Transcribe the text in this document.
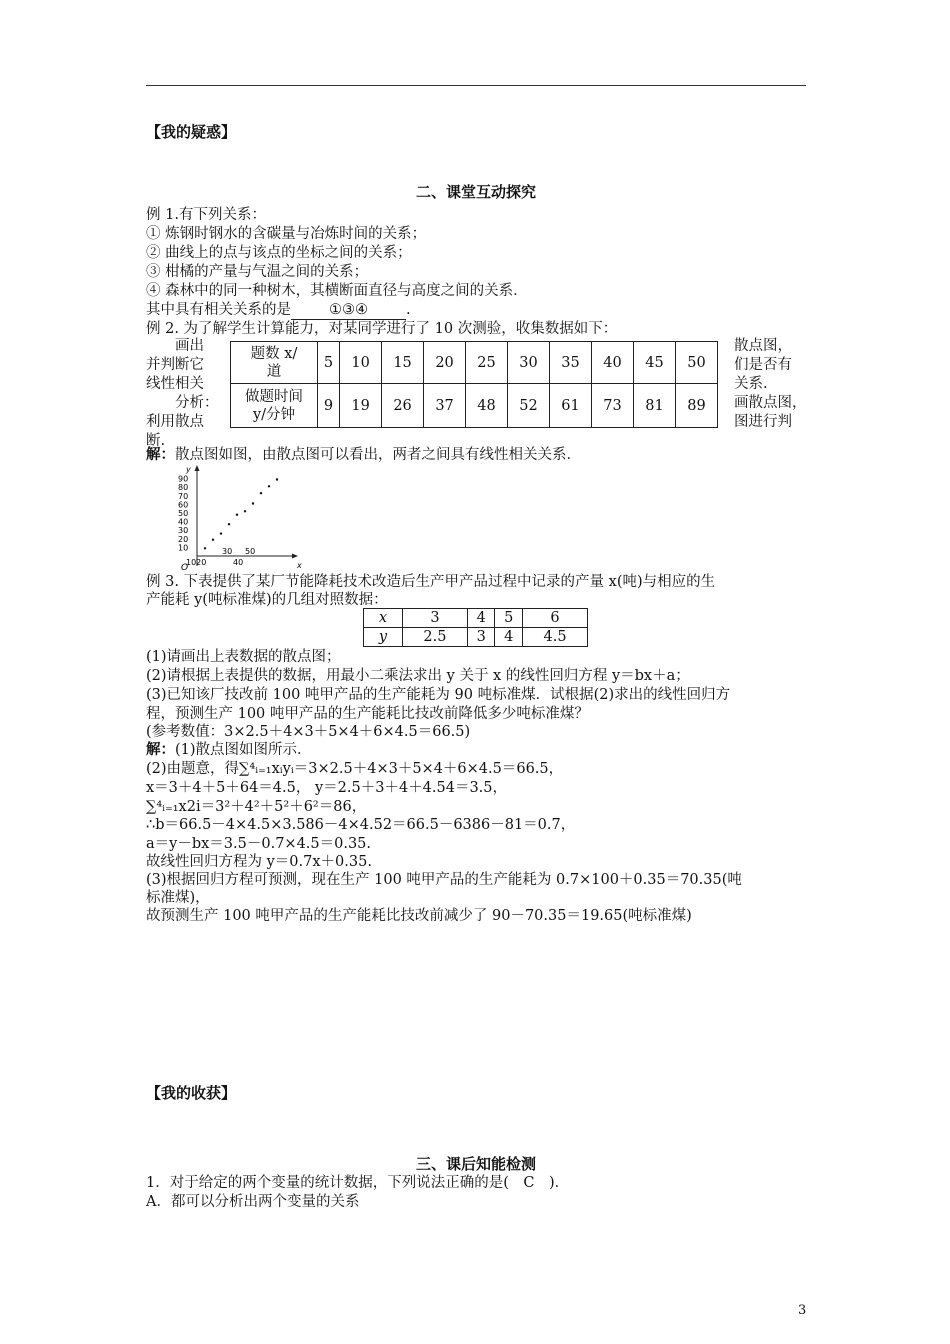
【我的疑惑】
二、课堂互动探究
例 1.有下列关系：
① 炼钢时钢水的含碳量与冶炼时间的关系；
② 曲线上的点与该点的坐标之间的关系；
③ 柑橘的产量与气温之间的关系；
④ 森林中的同一种树木，其横断面直径与高度之间的关系．
其中具有相关关系的是	①③④	.
例 2. 为了解学生计算能力，对某同学进行了 10 次测验，收集数据如下：
画出
并判断它
线性相关
分析：
利用散点
断.
散点图，
们是否有
关系.
画散点图，
图进行判
题数 x/
道	5	10	15	20	25	30	35	40	45	50

做题时间
y/分钟	9	19	26	37	48	52	61	73	81	89
解：散点图如图，由散点图可以看出，两者之间具有线性相关关系．
y
x
O
90
80
70
60
50
40
30
20
10	30 50
1020	40
例 3. 下表提供了某厂节能降耗技术改造后生产甲产品过程中记录的产量 x(吨)与相应的生
产能耗 y(吨标准煤)的几组对照数据：
x	3	4	5	6
y	2.5	3	4	4.5
(1)请画出上表数据的散点图；
(2)请根据上表提供的数据，用最小二乘法求出 y 关于 x 的线性回归方程 y＝bx＋a；
(3)已知该厂技改前 100 吨甲产品的生产能耗为 90 吨标准煤．试根据(2)求出的线性回归方
程，预测生产 100 吨甲产品的生产能耗比技改前降低多少吨标准煤？
(参考数值：3×2.5＋4×3＋5×4＋6×4.5＝66.5)
解：(1)散点图如图所示．
(2)由题意，得∑⁴ᵢ₌₁xᵢyᵢ＝3×2.5＋4×3＋5×4＋6×4.5＝66.5，
x＝3＋4＋5＋64＝4.5， y＝2.5＋3＋4＋4.54＝3.5，
∑⁴ᵢ₌₁x2i＝3²＋4²＋5²＋6²＝86，
∴b＝66.5－4×4.5×3.586－4×4.52＝66.5－6386－81＝0.7，
a＝y－bx＝3.5－0.7×4.5＝0.35.
故线性回归方程为 y＝0.7x＋0.35.
(3)根据回归方程可预测，现在生产 100 吨甲产品的生产能耗为 0.7×100＋0.35＝70.35(吨
标准煤)，
故预测生产 100 吨甲产品的生产能耗比技改前减少了 90－70.35＝19.65(吨标准煤)
【我的收获】
三、课后知能检测
1．对于给定的两个变量的统计数据，下列说法正确的是(　C　)．
A．都可以分析出两个变量的关系
3
